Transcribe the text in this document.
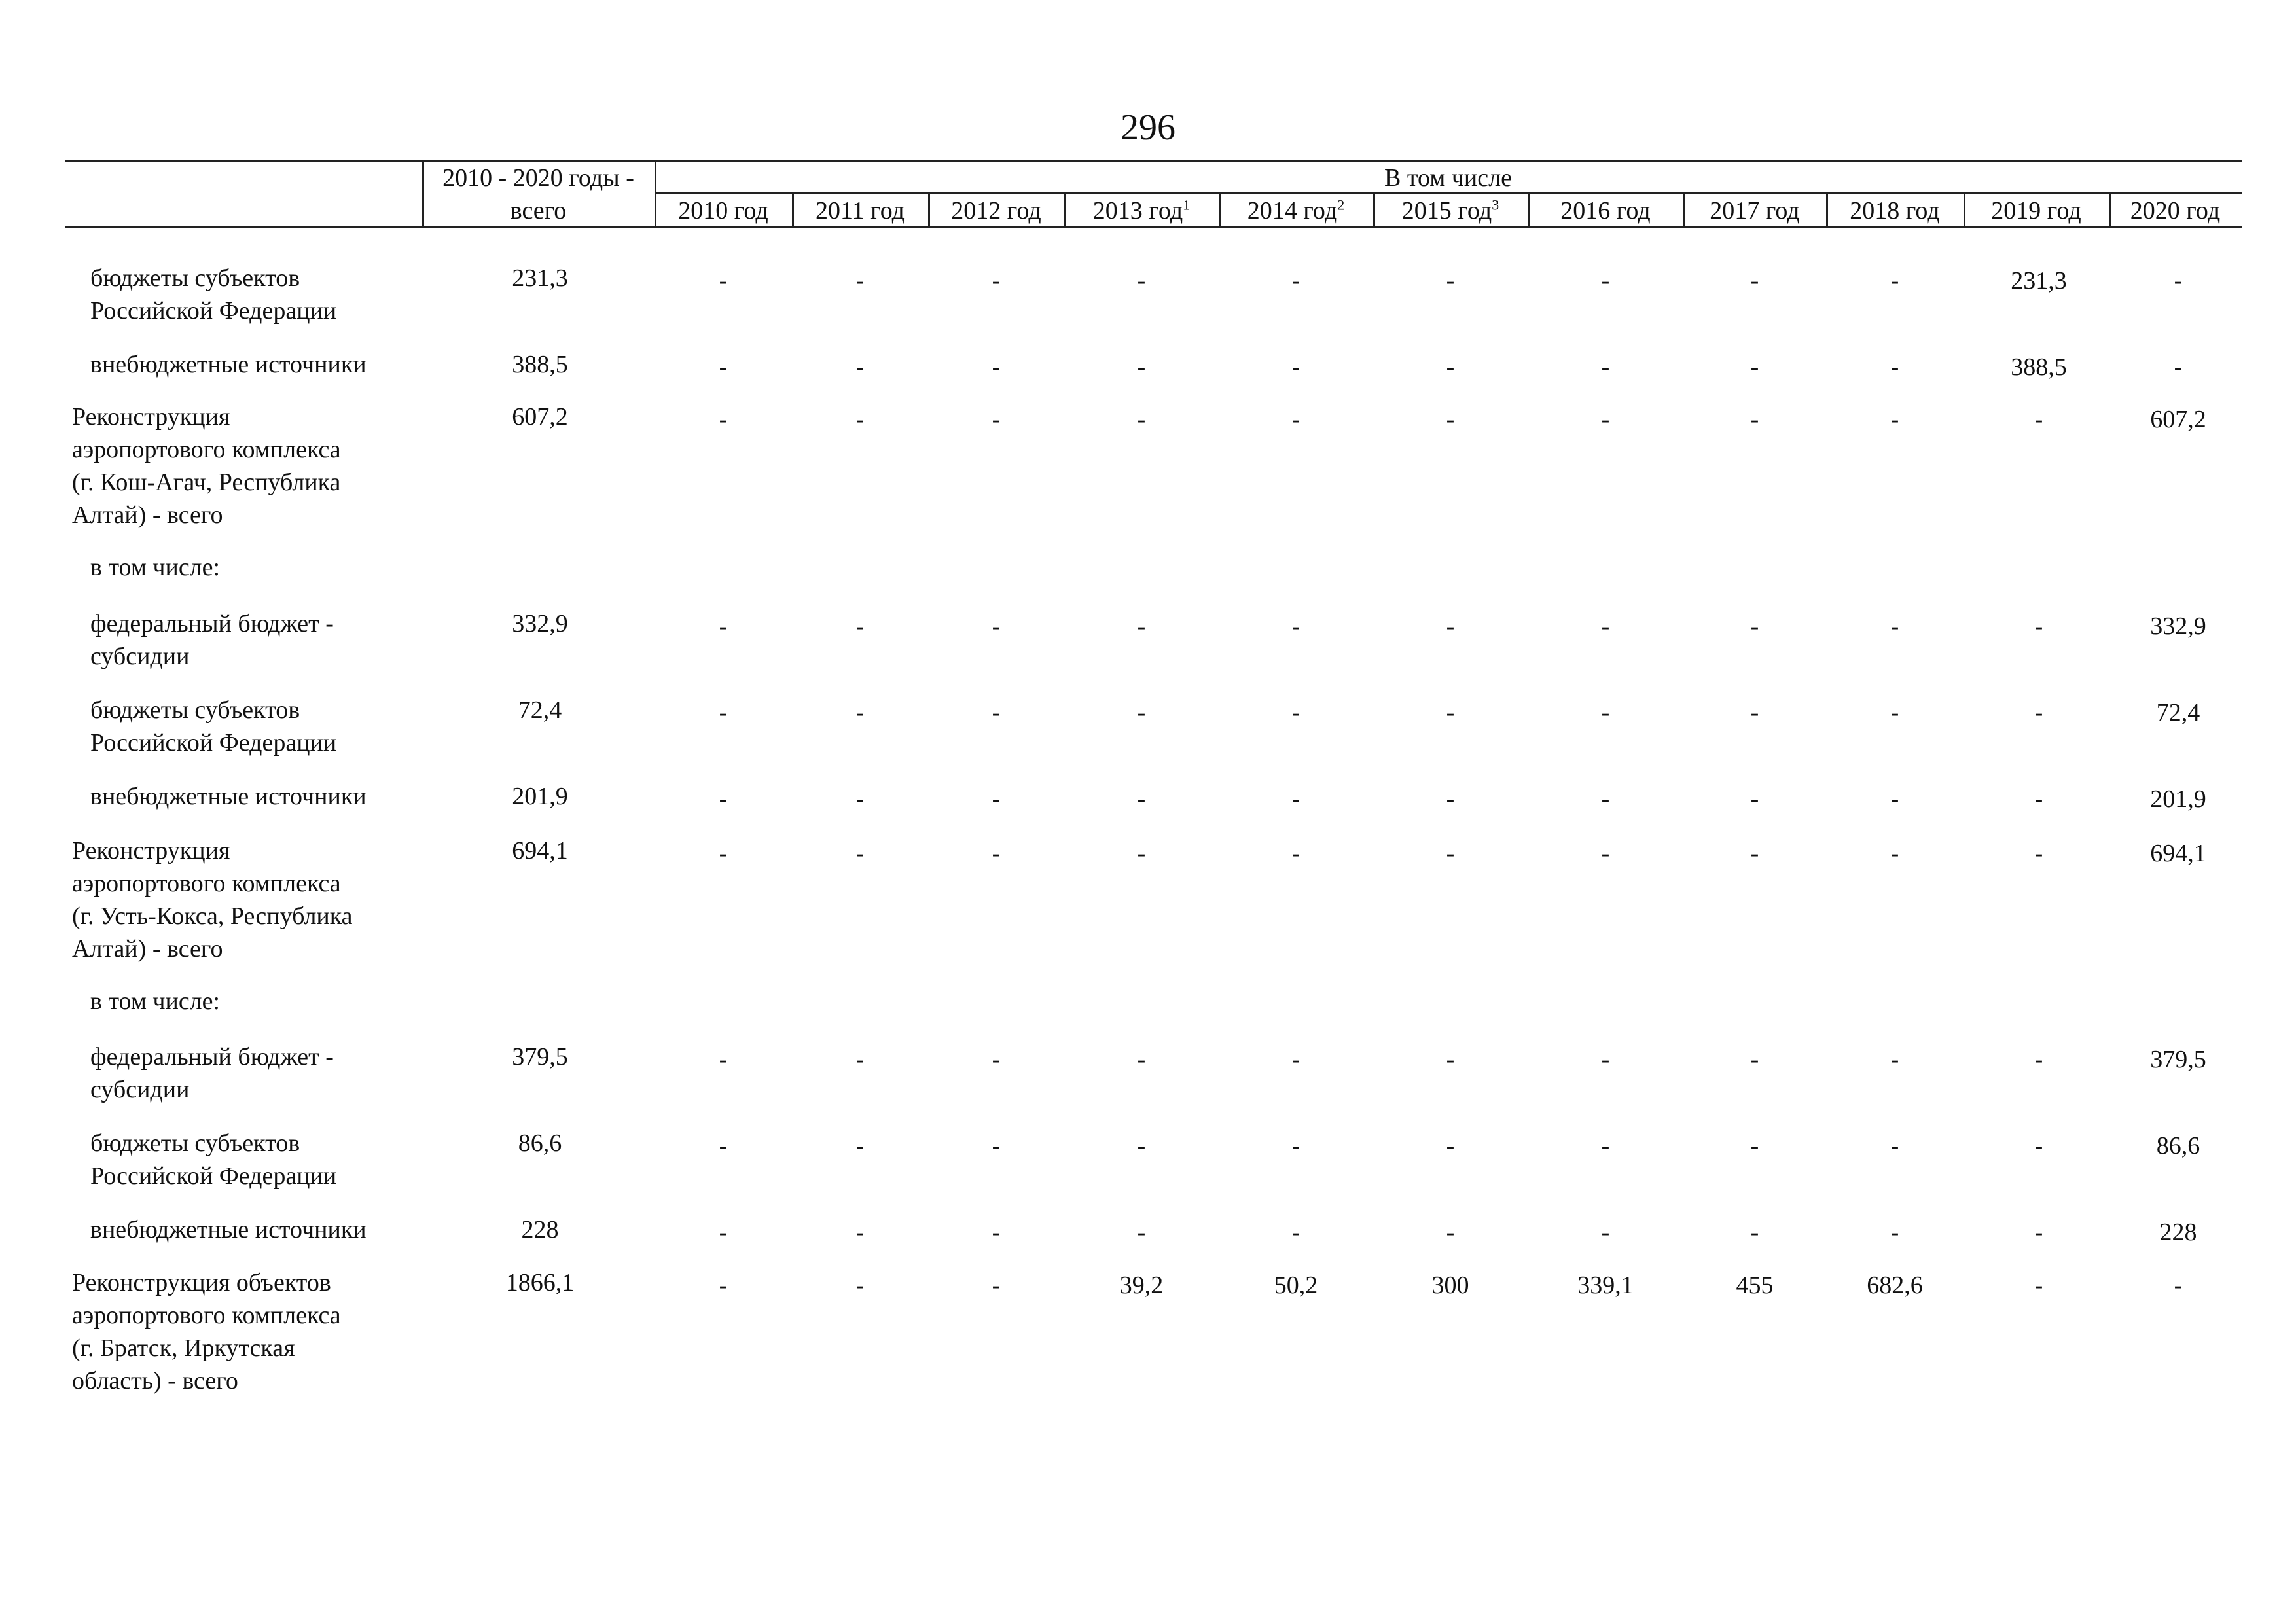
296
2010 - 2020 годы -
всего
В том числе
2010 год	2011 год	2012 год	2013 год$^1$	2014 год$^2$	2015 год$^3$	2016 год	2017 год	2018 год	2019 год	2020 год
бюджеты субъектов
Российской Федерации
231,3	-	-	-	-	-	-	-	-	-	231,3	-
внебюджетные источники	388,5	-	-	-	-	-	-	-	-	-	388,5	-
Реконструкция
аэропортового комплекса
(г. Кош-Агач, Республика
Алтай) - всего
607,2	-	-	-	-	-	-	-	-	-	-	607,2
в том числе:
федеральный бюджет -
субсидии
332,9	-	-	-	-	-	-	-	-	-	-	332,9
бюджеты субъектов
Российской Федерации
72,4	-	-	-	-	-	-	-	-	-	-	72,4
внебюджетные источники	201,9	-	-	-	-	-	-	-	-	-	-	201,9
Реконструкция
аэропортового комплекса
(г. Усть-Кокса, Республика
Алтай) - всего
694,1	-	-	-	-	-	-	-	-	-	-	694,1
в том числе:
федеральный бюджет -
субсидии
379,5	-	-	-	-	-	-	-	-	-	-	379,5
бюджеты субъектов
Российской Федерации
86,6	-	-	-	-	-	-	-	-	-	-	86,6
внебюджетные источники	228	-	-	-	-	-	-	-	-	-	-	228
Реконструкция объектов
аэропортового комплекса
(г. Братск, Иркутская
область) - всего
1866,1	-	-	-	39,2	50,2	300	339,1	455	682,6	-	-
